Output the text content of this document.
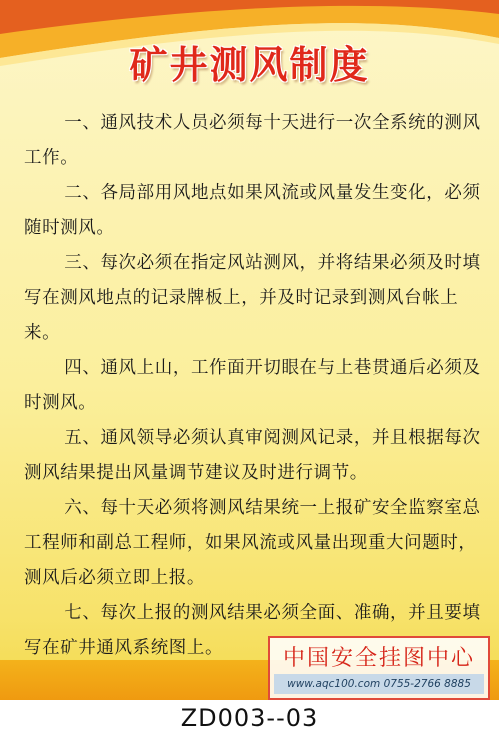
矿井测风制度

一、通风技术人员必须每十天进行一次全系统的测风工作。

二、各局部用风地点如果风流或风量发生变化，必须随时测风。

三、每次必须在指定风站测风，并将结果必须及时填写在测风地点的记录牌板上，并及时记录到测风台帐上来。

四、通风上山，工作面开切眼在与上巷贯通后必须及时测风。

五、通风领导必须认真审阅测风记录，并且根据每次测风结果提出风量调节建议及时进行调节。

六、每十天必须将测风结果统一上报矿安全监察室总工程师和副总工程师，如果风流或风量出现重大问题时，测风后必须立即上报。

七、每次上报的测风结果必须全面、准确，并且要填写在矿井通风系统图上。	中国安全挂图中心
www.aqc100.com 0755-2766 8885
ZD003--03
